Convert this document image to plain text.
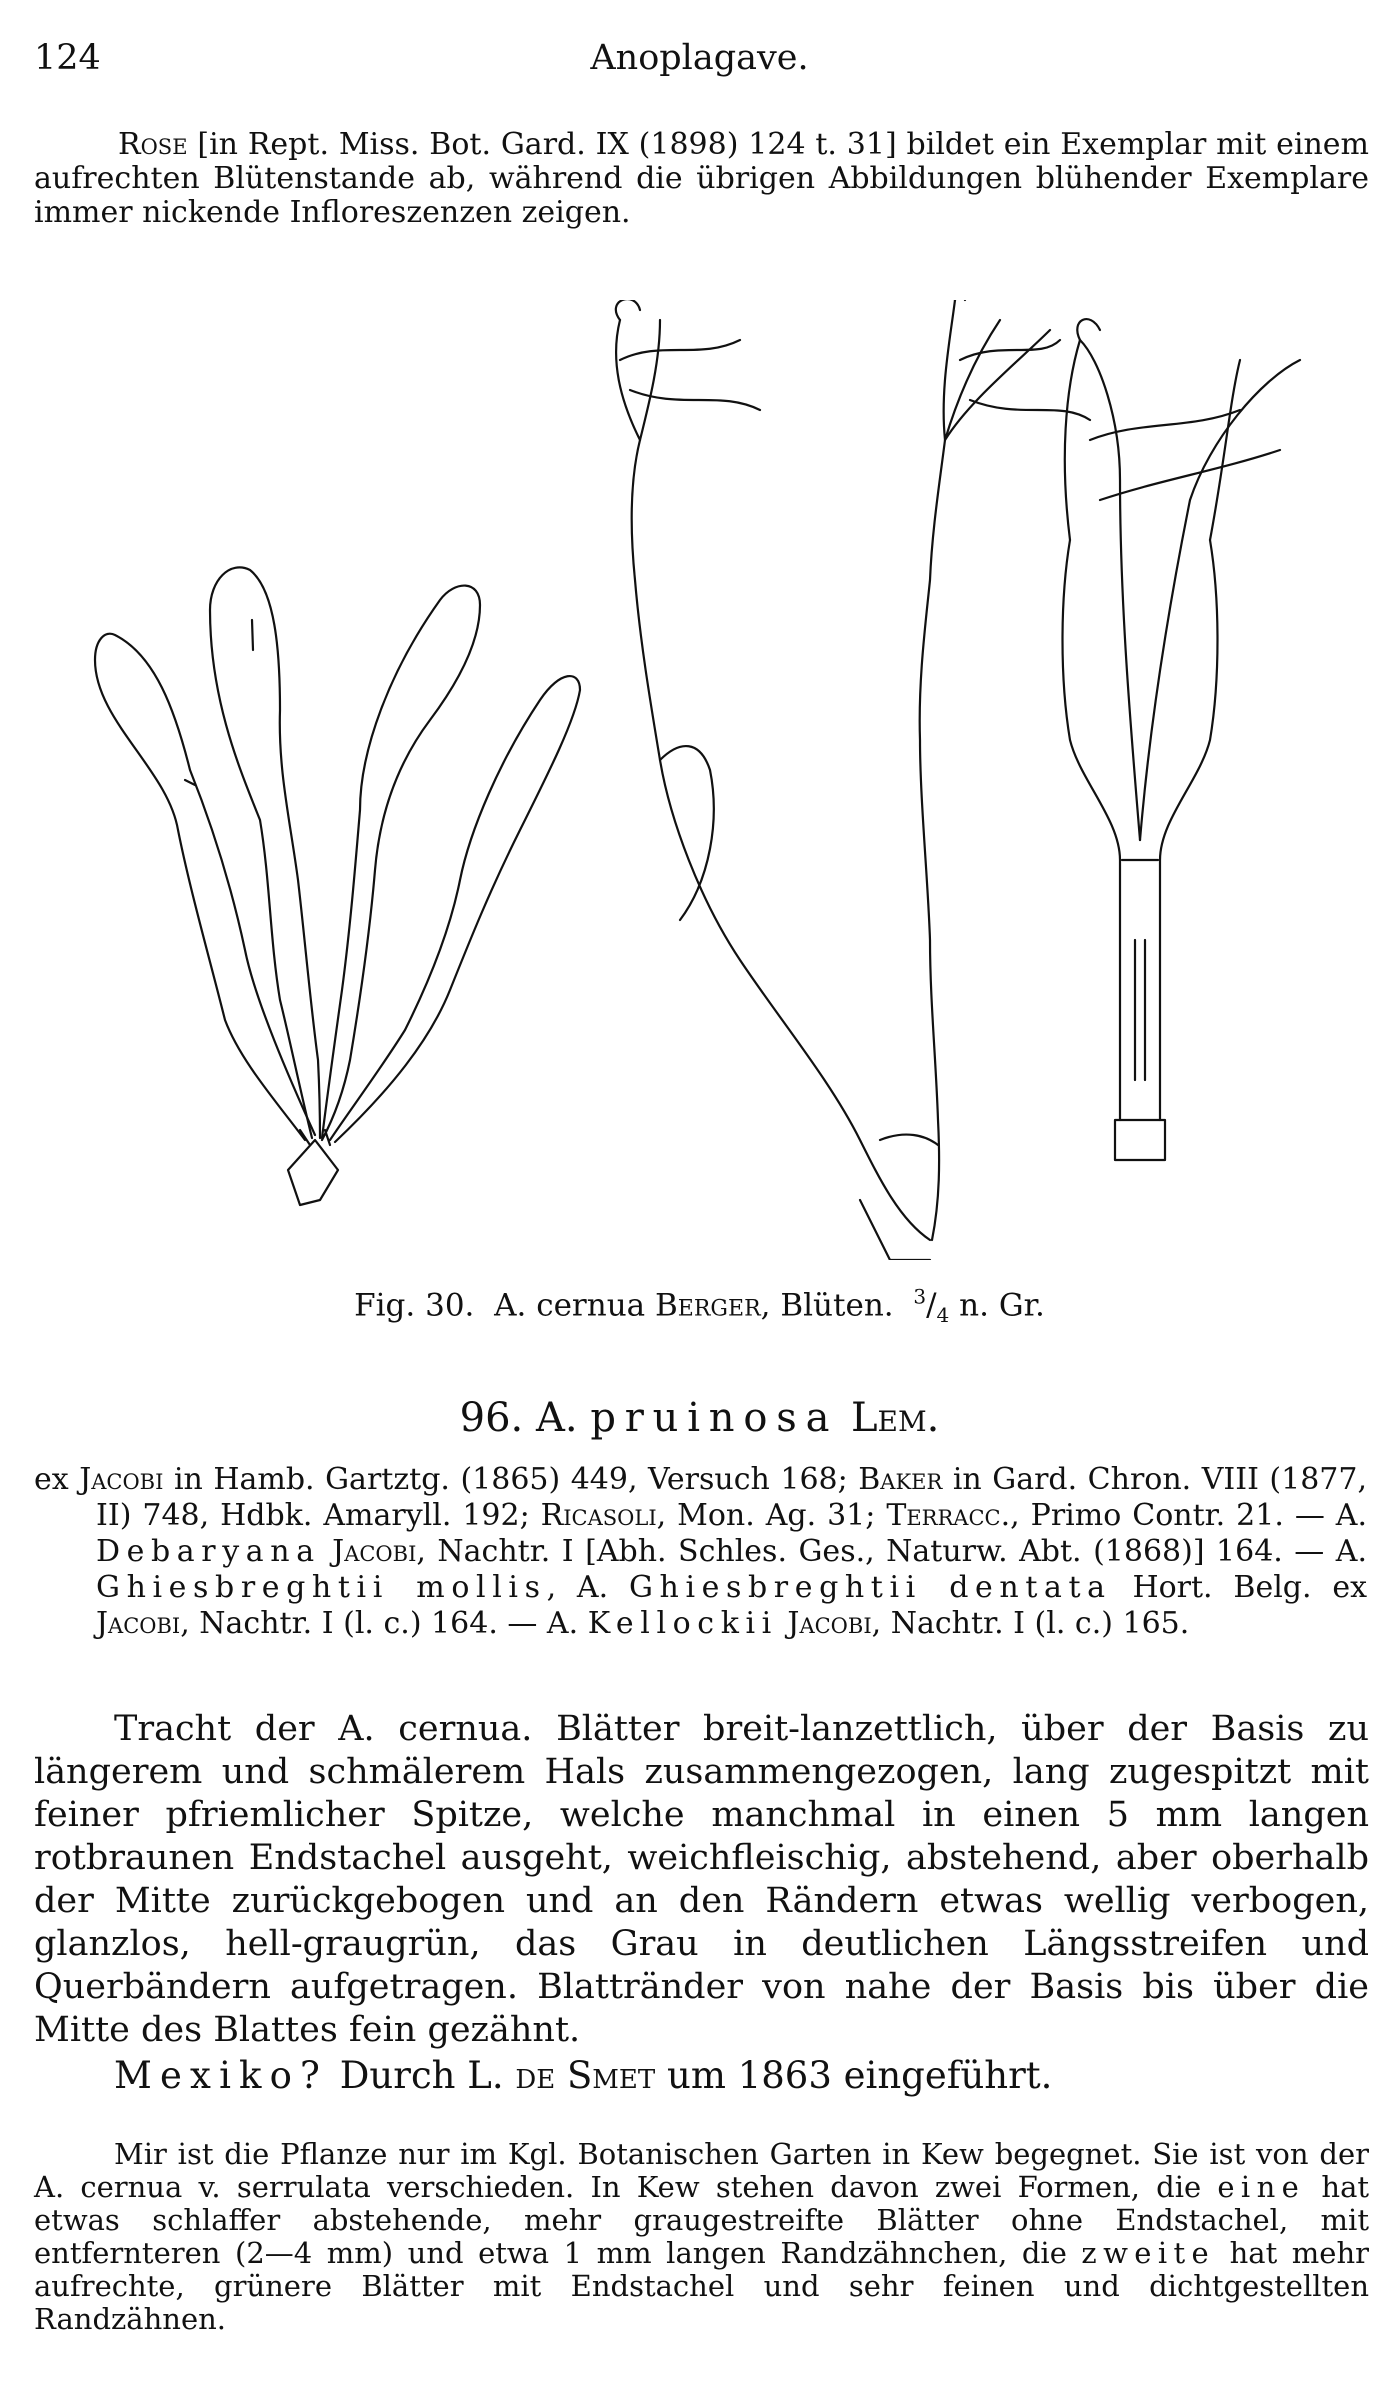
124	Anoplagave.

Rose [in Rept. Miss. Bot. Gard. IX (1898) 124 t. 31] bildet ein Exemplar mit einem aufrechten Blütenstande ab, während die übrigen Abbildungen blühender Exemplare immer nickende Infloreszenzen zeigen.

Fig. 30. A. cernua Berger, Blüten. $^3/_4$ n. Gr.
96. A. pruinosa Lem.

ex Jacobi in Hamb. Gartztg. (1865) 449, Versuch 168; Baker in Gard. Chron. VIII (1877, II) 748, Hdbk. Amaryll. 192; Ricasoli, Mon. Ag. 31; Terracc., Primo Contr. 21. — A. Debaryana Jacobi, Nachtr. I [Abh. Schles. Ges., Naturw. Abt. (1868)] 164. — A. Ghiesbreghtii mollis, A. Ghiesbreghtii dentata Hort. Belg. ex Jacobi, Nachtr. I (l. c.) 164. — A. Kellockii Jacobi, Nachtr. I (l. c.) 165.

Tracht der A. cernua. Blätter breit-lanzettlich, über der Basis zu längerem und schmälerem Hals zusammengezogen, lang zugespitzt mit feiner pfriemlicher Spitze, welche manchmal in einen 5 mm langen rotbraunen Endstachel ausgeht, weichfleischig, abstehend, aber oberhalb der Mitte zurückgebogen und an den Rändern etwas wellig verbogen, glanzlos, hell-graugrün, das Grau in deutlichen Längsstreifen und Querbändern aufgetragen. Blattränder von nahe der Basis bis über die Mitte des Blattes fein gezähnt.

Mexiko? Durch L. de Smet um 1863 eingeführt.

Mir ist die Pflanze nur im Kgl. Botanischen Garten in Kew begegnet. Sie ist von der A. cernua v. serrulata verschieden. In Kew stehen davon zwei Formen, die eine hat etwas schlaffer abstehende, mehr graugestreifte Blätter ohne Endstachel, mit entfernteren (2—4 mm) und etwa 1 mm langen Randzähnchen, die zweite hat mehr aufrechte, grünere Blätter mit Endstachel und sehr feinen und dichtgestellten Randzähnen.
